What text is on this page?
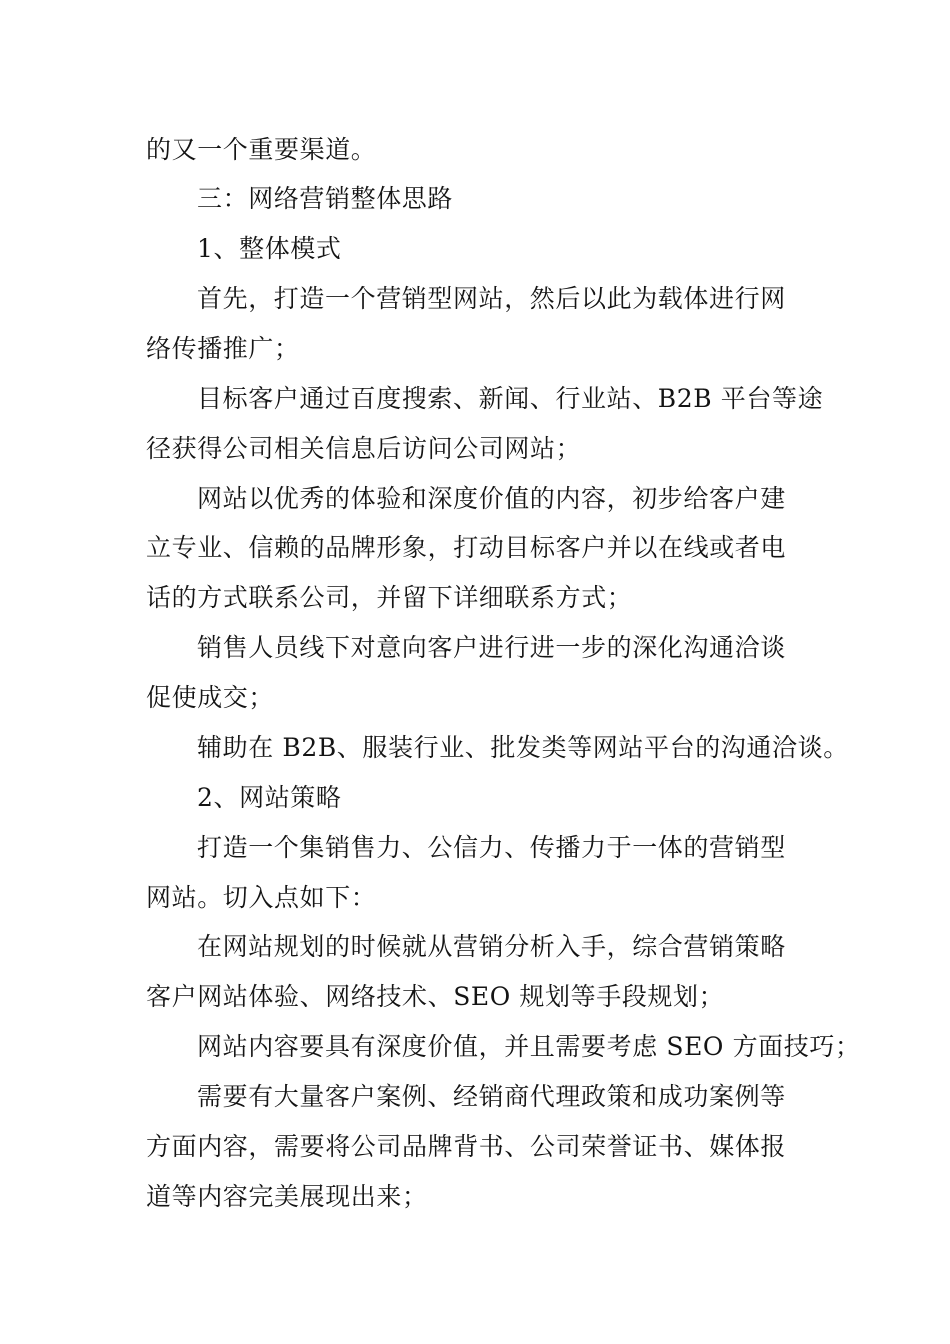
的又一个重要渠道。
三：网络营销整体思路
1、整体模式
首先，打造一个营销型网站，然后以此为载体进行网
络传播推广；
目标客户通过百度搜索、新闻、行业站、B2B 平台等途
径获得公司相关信息后访问公司网站；
网站以优秀的体验和深度价值的内容，初步给客户建
立专业、信赖的品牌形象，打动目标客户并以在线或者电
话的方式联系公司，并留下详细联系方式；
销售人员线下对意向客户进行进一步的深化沟通洽谈
促使成交；
辅助在 B2B、服装行业、批发类等网站平台的沟通洽谈。
2、网站策略
打造一个集销售力、公信力、传播力于一体的营销型
网站。切入点如下：
在网站规划的时候就从营销分析入手，综合营销策略
客户网站体验、网络技术、SEO 规划等手段规划；
网站内容要具有深度价值，并且需要考虑 SEO 方面技巧；
需要有大量客户案例、经销商代理政策和成功案例等
方面内容，需要将公司品牌背书、公司荣誉证书、媒体报
道等内容完美展现出来；
